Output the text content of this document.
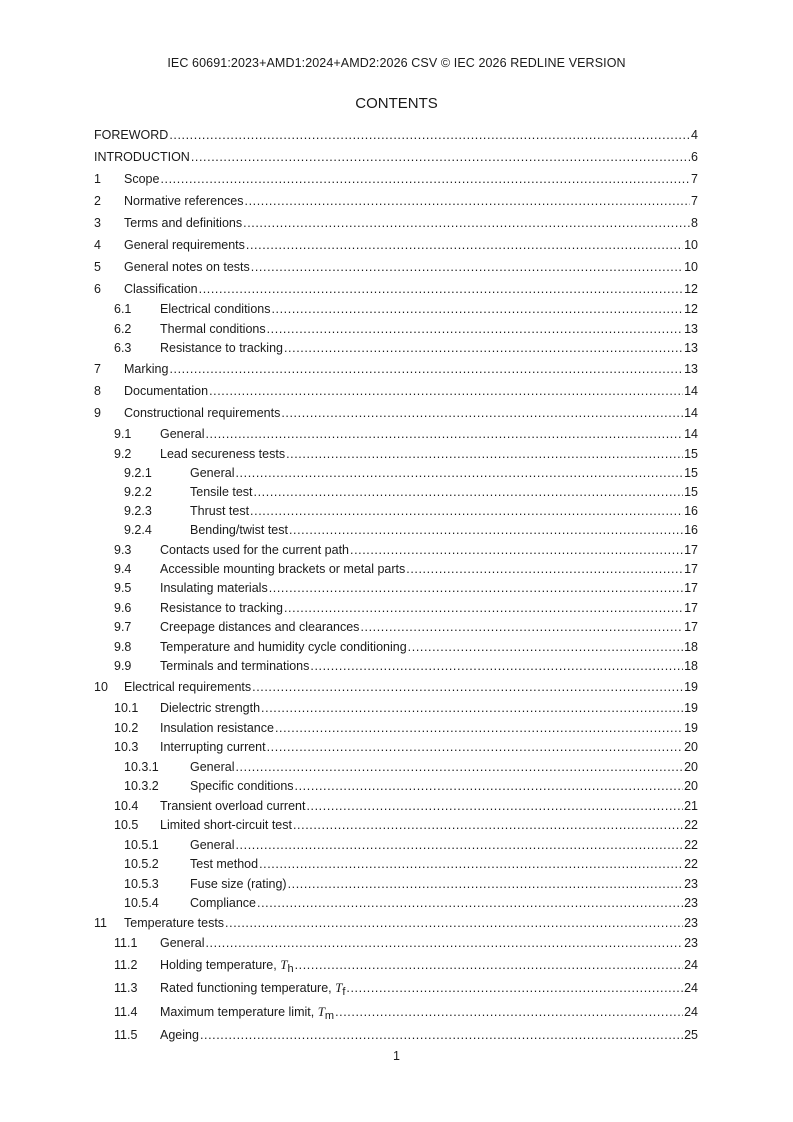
IEC 60691:2023+AMD1:2024+AMD2:2026 CSV © IEC 2026 REDLINE VERSION
CONTENTS
FOREWORD .....	4
INTRODUCTION .....	6
1	Scope .....	7
2	Normative references .....	7
3	Terms and definitions .....	8
4	General requirements .....	10
5	General notes on tests .....	10
6	Classification .....	12
6.1	Electrical conditions .....	12
6.2	Thermal conditions .....	13
6.3	Resistance to tracking .....	13
7	Marking .....	13
8	Documentation .....	14
9	Constructional requirements .....	14
9.1	General .....	14
9.2	Lead secureness tests .....	15
9.2.1	General .....	15
9.2.2	Tensile test .....	15
9.2.3	Thrust test .....	16
9.2.4	Bending/twist test .....	16
9.3	Contacts used for the current path .....	17
9.4	Accessible mounting brackets or metal parts .....	17
9.5	Insulating materials .....	17
9.6	Resistance to tracking .....	17
9.7	Creepage distances and clearances .....	17
9.8	Temperature and humidity cycle conditioning .....	18
9.9	Terminals and terminations .....	18
10	Electrical requirements .....	19
10.1	Dielectric strength .....	19
10.2	Insulation resistance .....	19
10.3	Interrupting current .....	20
10.3.1	General .....	20
10.3.2	Specific conditions .....	20
10.4	Transient overload current .....	21
10.5	Limited short-circuit test .....	22
10.5.1	General .....	22
10.5.2	Test method .....	22
10.5.3	Fuse size (rating) .....	23
10.5.4	Compliance .....	23
11	Temperature tests .....	23
11.1	General .....	23
11.2	Holding temperature, $T_h$ .....	24
11.3	Rated functioning temperature, $T_f$ .....	24
11.4	Maximum temperature limit, $T_m$ .....	24
11.5	Ageing .....	25
1
